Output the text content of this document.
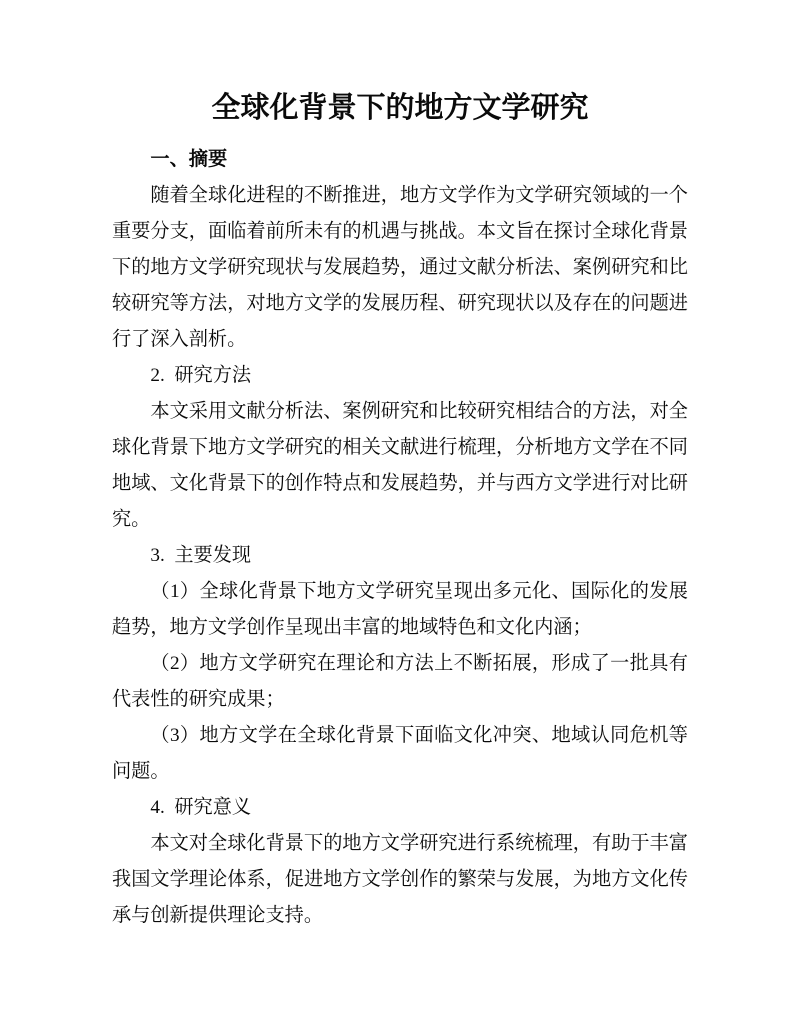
全球化背景下的地方文学研究
一、摘要

随着全球化进程的不断推进，地方文学作为文学研究领域的一个重要分支，面临着前所未有的机遇与挑战。本文旨在探讨全球化背景下的地方文学研究现状与发展趋势，通过文献分析法、案例研究和比较研究等方法，对地方文学的发展历程、研究现状以及存在的问题进行了深入剖析。

2. 研究方法

本文采用文献分析法、案例研究和比较研究相结合的方法，对全球化背景下地方文学研究的相关文献进行梳理，分析地方文学在不同地域、文化背景下的创作特点和发展趋势，并与西方文学进行对比研究。

3. 主要发现

（1）全球化背景下地方文学研究呈现出多元化、国际化的发展趋势，地方文学创作呈现出丰富的地域特色和文化内涵；

（2）地方文学研究在理论和方法上不断拓展，形成了一批具有代表性的研究成果；

（3）地方文学在全球化背景下面临文化冲突、地域认同危机等问题。

4. 研究意义

本文对全球化背景下的地方文学研究进行系统梳理，有助于丰富我国文学理论体系，促进地方文学创作的繁荣与发展，为地方文化传承与创新提供理论支持。
